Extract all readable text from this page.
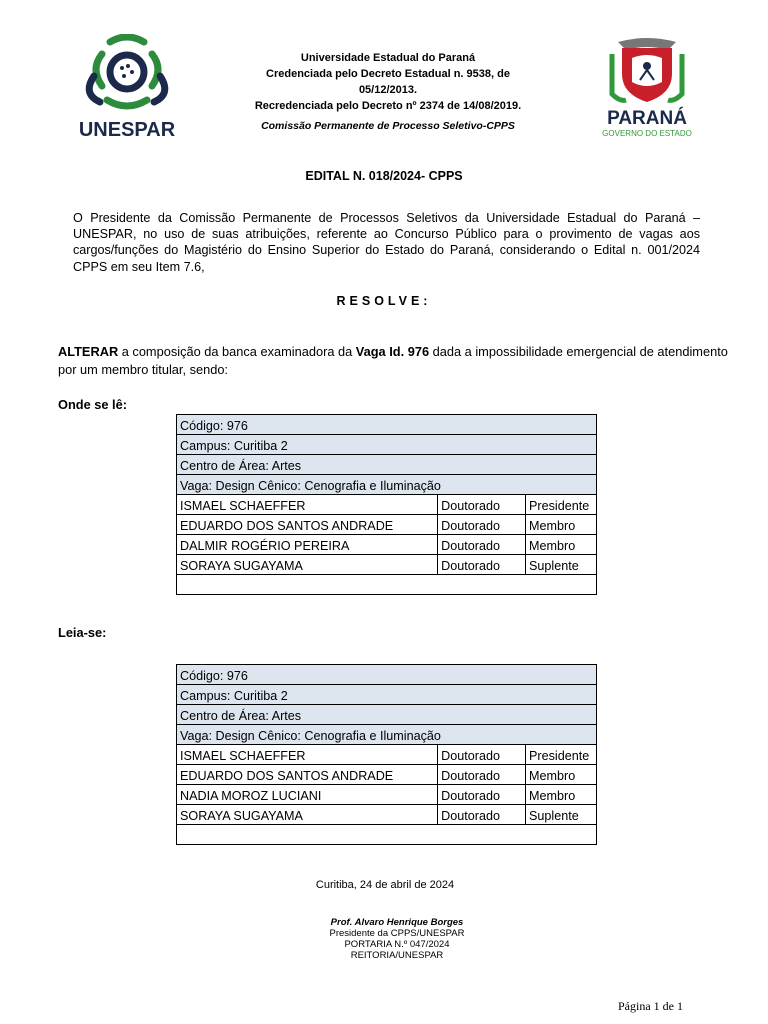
UNESPAR
Universidade Estadual do Paraná
Credenciada pelo Decreto Estadual n. 9538, de
05/12/2013.
Recredenciada pelo Decreto nº 2374 de 14/08/2019.
Comissão Permanente de Processo Seletivo-CPPS	PARANÁ
GOVERNO DO ESTADO
EDITAL N. 018/2024- CPPS
O Presidente da Comissão Permanente de Processos Seletivos da Universidade Estadual do Paraná – UNESPAR, no uso de suas atribuições, referente ao Concurso Público para o provimento de vagas aos cargos/funções do Magistério do Ensino Superior do Estado do Paraná, considerando o Edital n. 001/2024 CPPS em seu Item 7.6,
RESOLVE:
ALTERAR a composição da banca examinadora da Vaga Id. 976 dada a impossibilidade emergencial de atendimento por um membro titular, sendo:
Onde se lê:
Código: 976		
Campus: Curitiba 2		
Centro de Área: Artes		
Vaga: Design Cênico: Cenografia e Iluminação		
ISMAEL SCHAEFFER	Doutorado	Presidente
EDUARDO DOS SANTOS ANDRADE	Doutorado	Membro
DALMIR ROGÉRIO PEREIRA	Doutorado	Membro
SORAYA SUGAYAMA	Doutorado	Suplente

Leia-se:
Código: 976		
Campus: Curitiba 2		
Centro de Área: Artes		
Vaga: Design Cênico: Cenografia e Iluminação		
ISMAEL SCHAEFFER	Doutorado	Presidente
EDUARDO DOS SANTOS ANDRADE	Doutorado	Membro
NADIA MOROZ LUCIANI	Doutorado	Membro
SORAYA SUGAYAMA	Doutorado	Suplente

Curitiba, 24 de abril de 2024
Prof. Alvaro Henrique Borges
Presidente da CPPS/UNESPAR
PORTARIA N.º 047/2024
REITORIA/UNESPAR
Página 1 de 1
